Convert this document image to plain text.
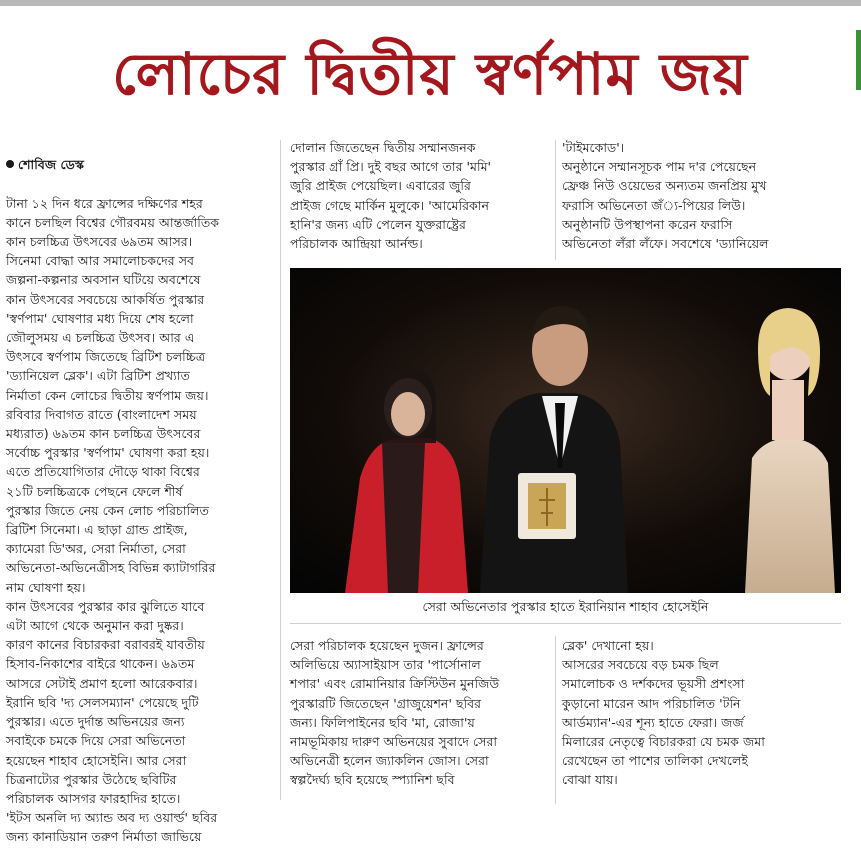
লোচের দ্বিতীয় স্বর্ণপাম জয়

শোবিজ ডেস্ক

টানা ১২ দিন ধরে ফ্রান্সের দক্ষিণের শহর
কানে চলছিল বিশ্বের গৌরবময় আন্তর্জাতিক
কান চলচ্চিত্র উৎসবের ৬৯তম আসর।
সিনেমা বোদ্ধা আর সমালোচকদের সব
জল্পনা-কল্পনার অবসান ঘটিয়ে অবশেষে
কান উৎসবের সবচেয়ে আকর্ষিত পুরস্কার
'স্বর্ণপাম' ঘোষণার মধ্য দিয়ে শেষ হলো
জৌলুসময় এ চলচ্চিত্র উৎসব। আর এ
উৎসবে স্বর্ণপাম জিতেছে ব্রিটিশ চলচ্চিত্র
'ড্যানিয়েল ব্লেক'। এটা ব্রিটিশ প্রখ্যাত
নির্মাতা কেন লোচের দ্বিতীয় স্বর্ণপাম জয়।
রবিবার দিবাগত রাতে (বাংলাদেশ সময়
মধ্যরাত) ৬৯তম কান চলচ্চিত্র উৎসবের
সর্বোচ্চ পুরস্কার 'স্বর্ণপাম' ঘোষণা করা হয়।
এতে প্রতিযোগিতার দৌড়ে থাকা বিশ্বের
২১টি চলচ্চিত্রকে পেছনে ফেলে শীর্ষ
পুরস্কার জিতে নেয় কেন লোচ পরিচালিত
ব্রিটিশ সিনেমা। এ ছাড়া গ্রান্ড প্রাইজ,
ক্যামেরা ডি'অর, সেরা নির্মাতা, সেরা
অভিনেতা-অভিনেত্রীসহ বিভিন্ন ক্যাটাগরির
নাম ঘোষণা হয়।
কান উৎসবের পুরস্কার কার ঝুলিতে যাবে
এটা আগে থেকে অনুমান করা দুষ্কর।
কারণ কানের বিচারকরা বরাবরই যাবতীয়
হিসাব-নিকাশের বাইরে থাকেন। ৬৯তম
আসরে সেটাই প্রমাণ হলো আরেকবার।
ইরানি ছবি 'দ্য সেলসম্যান' পেয়েছে দুটি
পুরস্কার। এতে দুর্দান্ত অভিনয়ের জন্য
সবাইকে চমকে দিয়ে সেরা অভিনেতা
হয়েছেন শাহাব হোসেইনি। আর সেরা
চিত্রনাট্যের পুরস্কার উঠেছে ছবিটির
পরিচালক আসগর ফারহাদির হাতে।
'ইটস অনলি দ্য অ্যান্ড অব দ্য ওয়ার্ল্ড' ছবির
জন্য কানাডিয়ান তরুণ নির্মাতা জাভিয়ে

দোলান জিতেছেন দ্বিতীয় সম্মানজনক
পুরস্কার গ্রাঁ প্রি। দুই বছর আগে তার 'মমি'
জুরি প্রাইজ পেয়েছিল। এবারের জুরি
প্রাইজ গেছে মার্কিন মুলুকে। 'আমেরিকান
হানি'র জন্য এটি পেলেন যুক্তরাষ্ট্রের
পরিচালক আন্দ্রিয়া আর্নল্ড।
'টাইমকোড'।
অনুষ্ঠানে সম্মানসূচক পাম দ'র পেয়েছেন
ফ্রেঞ্চ নিউ ওয়েভের অন্যতম জনপ্রিয় মুখ
ফরাসি অভিনেতা জঁ্য-পিয়ের লিউ।
অনুষ্ঠানটি উপস্থাপনা করেন ফরাসি
অভিনেতা লঁরা লঁফে। সবশেষে 'ড্যানিয়েল
সেরা অভিনেতার পুরস্কার হাতে ইরানিয়ান শাহাব হোসেইনি
সেরা পরিচালক হয়েছেন দুজন। ফ্রান্সের
অলিভিয়ে অ্যাসাইয়াস তার 'পার্সোনাল
শপার' এবং রোমানিয়ার ক্রিস্টিউন মুনজিউ
পুরস্কারটি জিতেছেন 'গ্রাজুয়েশন' ছবির
জন্য। ফিলিপাইনের ছবি 'মা, রোজা'য়
নামভূমিকায় দারুণ অভিনয়ের সুবাদে সেরা
অভিনেত্রী হলেন জ্যাকলিন জোস। সেরা
স্বল্পদৈর্ঘ্য ছবি হয়েছে স্প্যানিশ ছবি
ব্লেক' দেখানো হয়।
আসরের সবচেয়ে বড় চমক ছিল
সমালোচক ও দর্শকদের ভূয়সী প্রশংসা
কুড়ানো মারেন আদ পরিচালিত 'টনি
আর্ডম্যান'-এর শূন্য হাতে ফেরা। জর্জ
মিলারের নেতৃত্বে বিচারকরা যে চমক জমা
রেখেছেন তা পাশের তালিকা দেখলেই
বোঝা যায়।
